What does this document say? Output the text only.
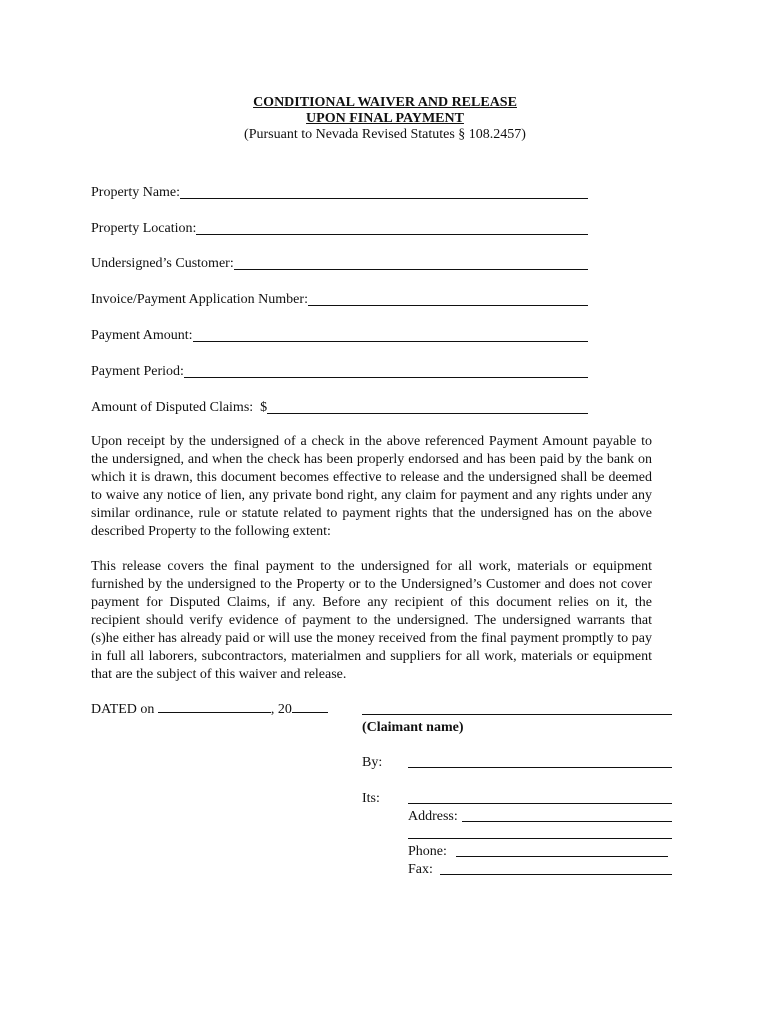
CONDITIONAL WAIVER AND RELEASE
UPON FINAL PAYMENT
(Pursuant to Nevada Revised Statutes § 108.2457)
Property Name:
Property Location:
Undersigned’s Customer:
Invoice/Payment Application Number:
Payment Amount:
Payment Period:
Amount of Disputed Claims:  $

Upon receipt by the undersigned of a check in the above referenced Payment Amount payable to the undersigned, and when the check has been properly endorsed and has been paid by the bank on which it is drawn, this document becomes effective to release and the undersigned shall be deemed to waive any notice of lien, any private bond right, any claim for payment and any rights under any similar ordinance, rule or statute related to payment rights that the undersigned has on the above described Property to the following extent:

This release covers the final payment to the undersigned for all work, materials or equipment furnished by the undersigned to the Property or to the Undersigned’s Customer and does not cover payment for Disputed Claims, if any. Before any recipient of this document relies on it, the recipient should verify evidence of payment to the undersigned. The undersigned warrants that (s)he either has already paid or will use the money received from the final payment promptly to pay in full all laborers, subcontractors, materialmen and suppliers for all work, materials or equipment that are the subject of this waiver and release.

DATED on	, 20
(Claimant name)
By:
Its:
Address:
Phone:
Fax:
